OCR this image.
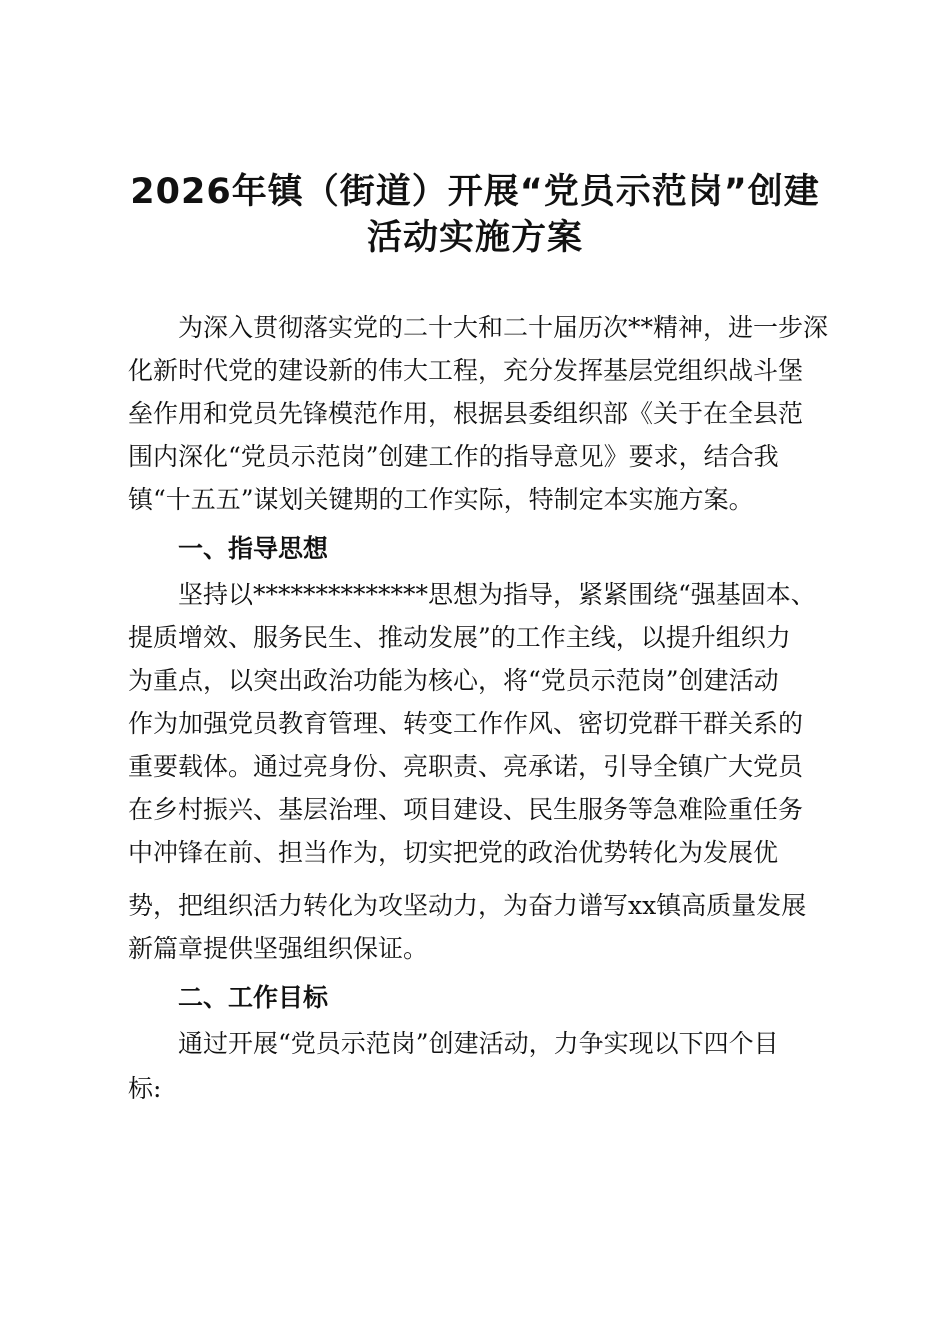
2026年镇（街道）开展“党员示范岗”创建
活动实施方案

　　为深入贯彻落实党的二十大和二十届历次**精神，进一步深

化新时代党的建设新的伟大工程，充分发挥基层党组织战斗堡

垒作用和党员先锋模范作用，根据县委组织部《关于在全县范

围内深化“党员示范岗”创建工作的指导意见》要求，结合我

镇“十五五”谋划关键期的工作实际，特制定本实施方案。

　　一、指导思想

　　坚持以**************思想为指导，紧紧围绕“强基固本、

提质增效、服务民生、推动发展”的工作主线，以提升组织力

为重点，以突出政治功能为核心，将“党员示范岗”创建活动

作为加强党员教育管理、转变工作作风、密切党群干群关系的

重要载体。通过亮身份、亮职责、亮承诺，引导全镇广大党员

在乡村振兴、基层治理、项目建设、民生服务等急难险重任务

中冲锋在前、担当作为，切实把党的政治优势转化为发展优

势，把组织活力转化为攻坚动力，为奋力谱写xx镇高质量发展

新篇章提供坚强组织保证。

　　二、工作目标

　　通过开展“党员示范岗”创建活动，力争实现以下四个目

标:
